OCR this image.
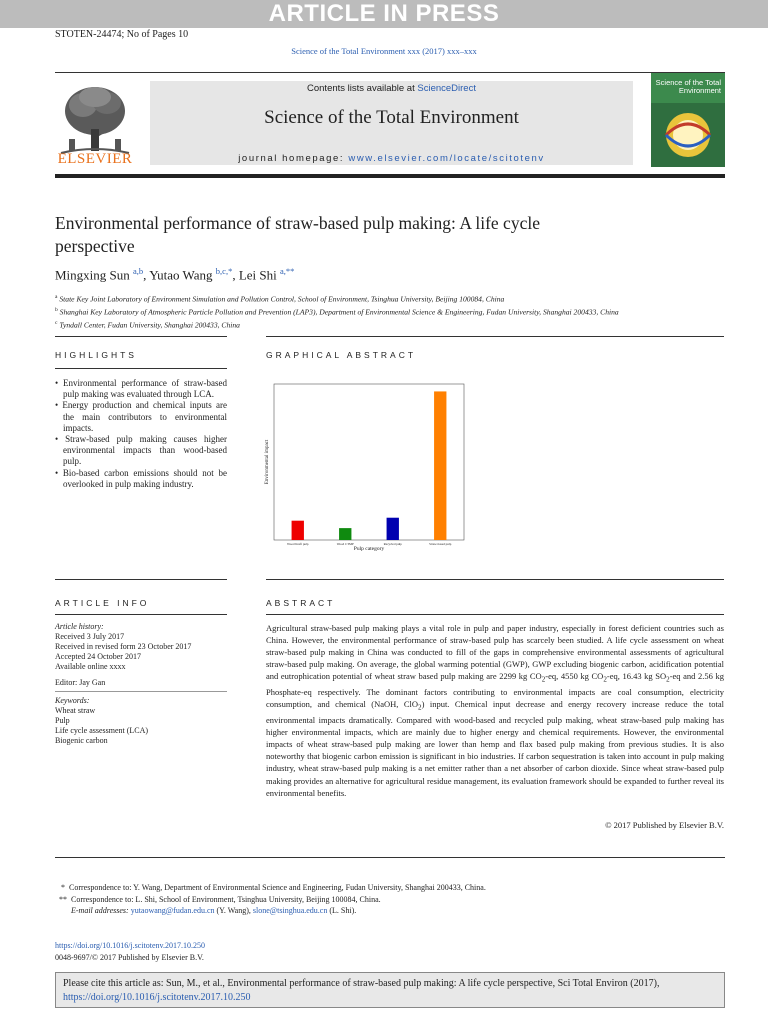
ARTICLE IN PRESS
STOTEN-24474; No of Pages 10
Science of the Total Environment xxx (2017) xxx–xxx
ELSEVIER
Contents lists available at ScienceDirect
Science of the Total Environment
journal homepage: www.elsevier.com/locate/scitotenv
Science of the Total Environment
Environmental performance of straw-based pulp making: A life cycle perspective
Mingxing Sun $^{a,b}$, Yutao Wang $^{b,c,*}$, Lei Shi $^{a,**}$
$^a$ State Key Joint Laboratory of Environment Simulation and Pollution Control, School of Environment, Tsinghua University, Beijing 100084, China
$^b$ Shanghai Key Laboratory of Atmospheric Particle Pollution and Prevention (LAP3), Department of Environmental Science & Engineering, Fudan University, Shanghai 200433, China
$^c$ Tyndall Center, Fudan University, Shanghai 200433, China
HIGHLIGHTS	GRAPHICAL ABSTRACT
• Environmental performance of straw-based pulp making was evaluated through LCA.
• Energy production and chemical inputs are the main contributors to environmental impacts.
• Straw-based pulp making causes higher environmental impacts than wood-based pulp.
• Bio-based carbon emissions should not be overlooked in pulp making industry.
Wood Kraft pulp	Wood CTMP	Recycled pulp	Straw-based pulp
Pulp category
Environmental impact
ARTICLE INFO	ABSTRACT
Article history:
Received 3 July 2017
Received in revised form 23 October 2017
Accepted 24 October 2017
Available online xxxx
Editor: Jay Gan
Keywords:
Wheat straw
Pulp
Life cycle assessment (LCA)
Biogenic carbon
Agricultural straw-based pulp making plays a vital role in pulp and paper industry, especially in forest deficient countries such as China. However, the environmental performance of straw-based pulp has scarcely been studied. A life cycle assessment on wheat straw-based pulp making in China was conducted to fill of the gaps in comprehensive environmental assessments of agricultural straw-based pulp making. On average, the global warming potential (GWP), GWP excluding biogenic carbon, acidification potential and eutrophication potential of wheat straw based pulp making are 2299 kg $CO_2-eq$, 4550 kg $CO_2-eq$, 16.43 kg $SO_2-eq$ and 2.56 kg Phosphate-eq respectively. The dominant factors contributing to environmental impacts are coal consumption, electricity consumption, and chemical (NaOH, ClO$_2$) input. Chemical input decrease and energy recovery increase reduce the total environmental impacts dramatically. Compared with wood-based and recycled pulp making, wheat straw-based pulp making has higher environmental impacts, which are mainly due to higher energy and chemical requirements. However, the environmental impacts of wheat straw-based pulp making are lower than hemp and flax based pulp making from previous studies. It is also noteworthy that biogenic carbon emission is significant in bio industries. If carbon sequestration is taken into account in pulp making industry, wheat straw-based pulp making is a net emitter rather than a net absorber of carbon dioxide. Since wheat straw-based pulp making provides an alternative for agricultural residue management, its evaluation framework should be expanded to further reveal its environmental benefits.
© 2017 Published by Elsevier B.V.
* Correspondence to: Y. Wang, Department of Environmental Science and Engineering, Fudan University, Shanghai 200433, China.
** Correspondence to: L. Shi, School of Environment, Tsinghua University, Beijing 100084, China.
E-mail addresses: yutaowang@fudan.edu.cn (Y. Wang), slone@tsinghua.edu.cn (L. Shi).
https://doi.org/10.1016/j.scitotenv.2017.10.250
0048-9697/© 2017 Published by Elsevier B.V.
Please cite this article as: Sun, M., et al., Environmental performance of straw-based pulp making: A life cycle perspective, Sci Total Environ (2017), https://doi.org/10.1016/j.scitotenv.2017.10.250
